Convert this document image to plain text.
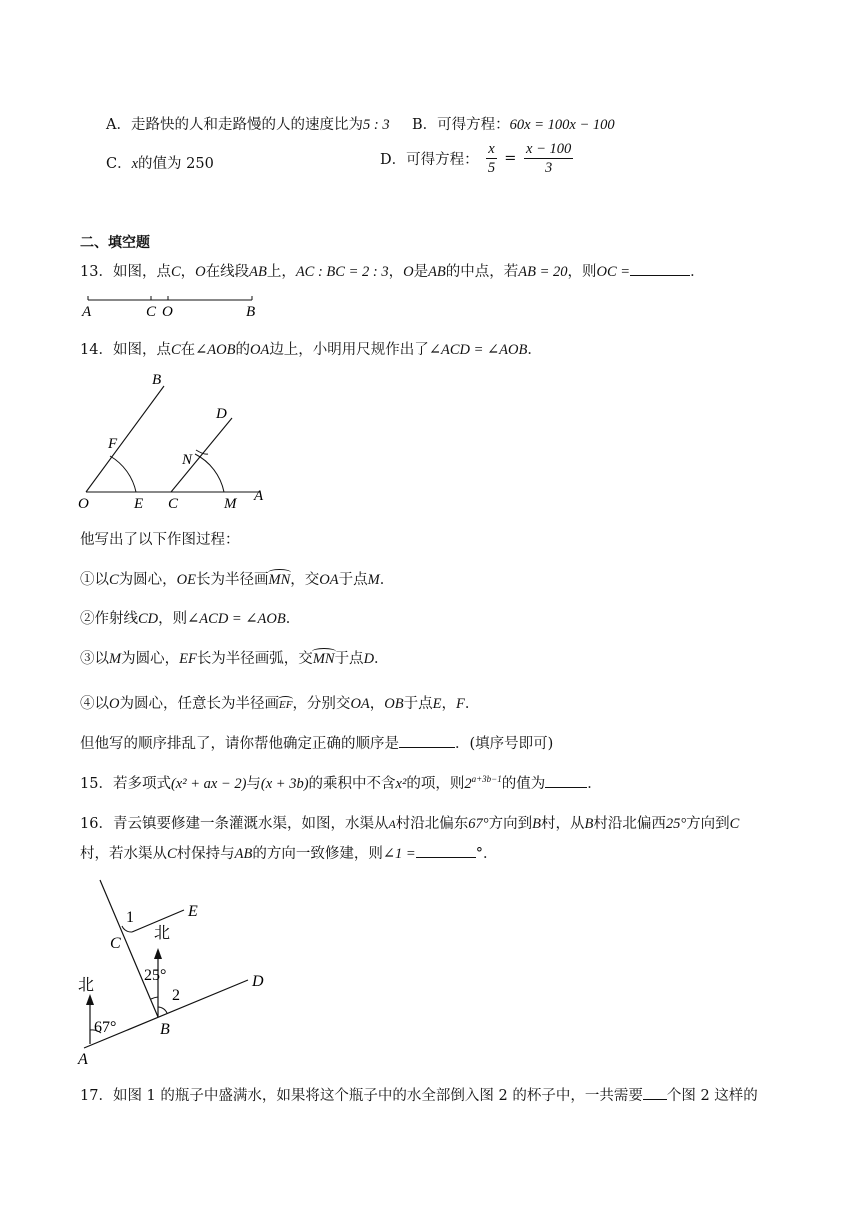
A．走路快的人和走路慢的人的速度比为5 : 3 B．可得方程：60x = 100x − 100
C．x的值为 250	D．可得方程： $\frac{x}{5} = \frac{x - 100}{3}$
二、填空题
13．如图，点C，O在线段AB上，AC : BC = 2 : 3，O是AB的中点，若AB = 20，则OC =	．
A	C O	B
14．如图，点C在∠AOB的OA边上，小明用尺规作出了∠ACD = ∠AOB．
B
F
D
N
O	E C	M A
他写出了以下作图过程：
①以C为圆心，OE长为半径画MN，交OA于点M．
②作射线CD，则∠ACD = ∠AOB．
③以M为圆心，EF长为半径画弧，交MN于点D．
④以O为圆心，任意长为半径画EF，分别交OA，OB于点E，F．
但他写的顺序排乱了，请你帮他确定正确的顺序是	．(填序号即可)
15．若多项式(x² + ax − 2)与(x + 3b)的乘积中不含x²的项，则$2^{a+3b-1}$的值为	．
16．青云镇要修建一条灌溉水渠，如图，水渠从A村沿北偏东67°方向到B村，从B村沿北偏西25°方向到C
村，若水渠从C村保持与AB的方向一致修建，则∠1 =	°．
1	E
C
北
25°
北
2
D
67°	B
A
17．如图 1 的瓶子中盛满水，如果将这个瓶子中的水全部倒入图 2 的杯子中，一共需要 个图 2 这样的
